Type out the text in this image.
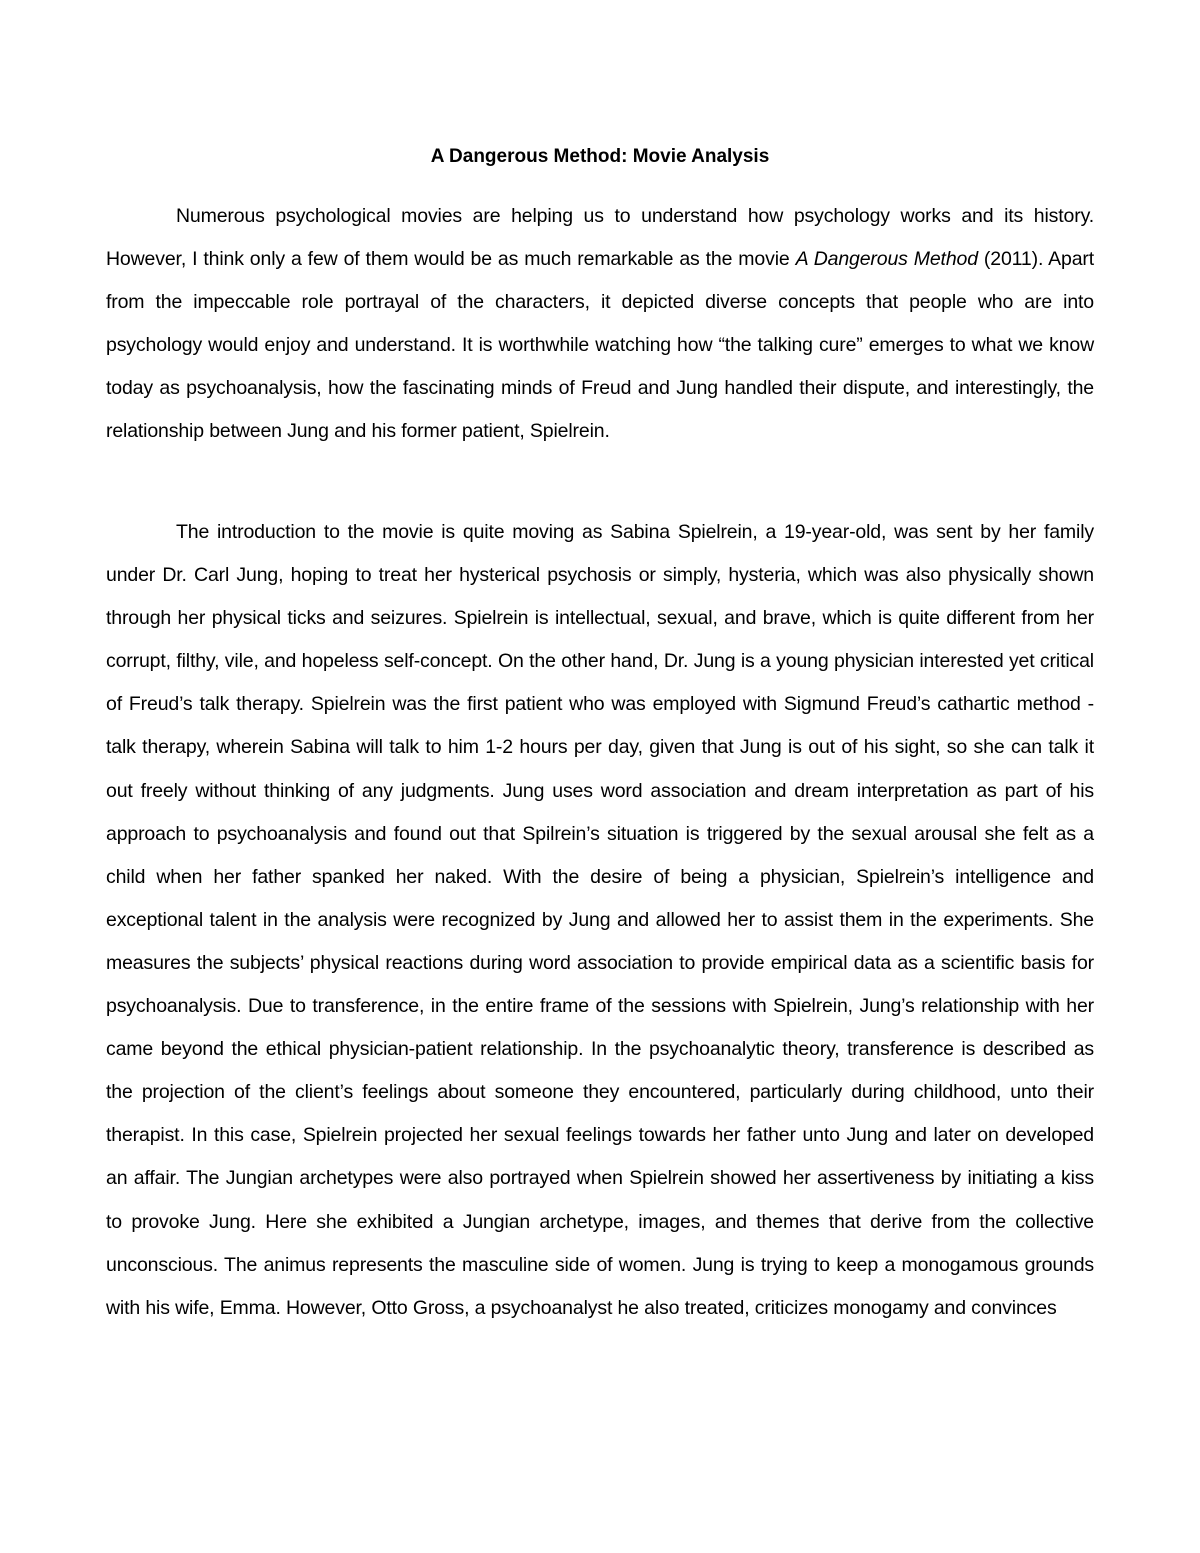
A Dangerous Method: Movie Analysis

Numerous psychological movies are helping us to understand how psychology works and its history. However, I think only a few of them would be as much remarkable as the movie A Dangerous Method (2011). Apart from the impeccable role portrayal of the characters, it depicted diverse concepts that people who are into psychology would enjoy and understand. It is worthwhile watching how “the talking cure” emerges to what we know today as psychoanalysis, how the fascinating minds of Freud and Jung handled their dispute, and interestingly, the relationship between Jung and his former patient, Spielrein.

The introduction to the movie is quite moving as Sabina Spielrein, a 19-year-old, was sent by her family under Dr. Carl Jung, hoping to treat her hysterical psychosis or simply, hysteria, which was also physically shown through her physical ticks and seizures. Spielrein is intellectual, sexual, and brave, which is quite different from her corrupt, filthy, vile, and hopeless self-concept. On the other hand, Dr. Jung is a young physician interested yet critical of Freud’s talk therapy. Spielrein was the first patient who was employed with Sigmund Freud’s cathartic method - talk therapy, wherein Sabina will talk to him 1-2 hours per day, given that Jung is out of his sight, so she can talk it out freely without thinking of any judgments. Jung uses word association and dream interpretation as part of his approach to psychoanalysis and found out that Spilrein’s situation is triggered by the sexual arousal she felt as a child when her father spanked her naked. With the desire of being a physician, Spielrein’s intelligence and exceptional talent in the analysis were recognized by Jung and allowed her to assist them in the experiments. She measures the subjects’ physical reactions during word association to provide empirical data as a scientific basis for psychoanalysis. Due to transference, in the entire frame of the sessions with Spielrein, Jung’s relationship with her came beyond the ethical physician-patient relationship. In the psychoanalytic theory, transference is described as the projection of the client’s feelings about someone they encountered, particularly during childhood, unto their therapist. In this case, Spielrein projected her sexual feelings towards her father unto Jung and later on developed an affair. The Jungian archetypes were also portrayed when Spielrein showed her assertiveness by initiating a kiss to provoke Jung. Here she exhibited a Jungian archetype, images, and themes that derive from the collective unconscious. The animus represents the masculine side of women. Jung is trying to keep a monogamous grounds with his wife, Emma. However, Otto Gross, a psychoanalyst he also treated, criticizes monogamy and convinces
